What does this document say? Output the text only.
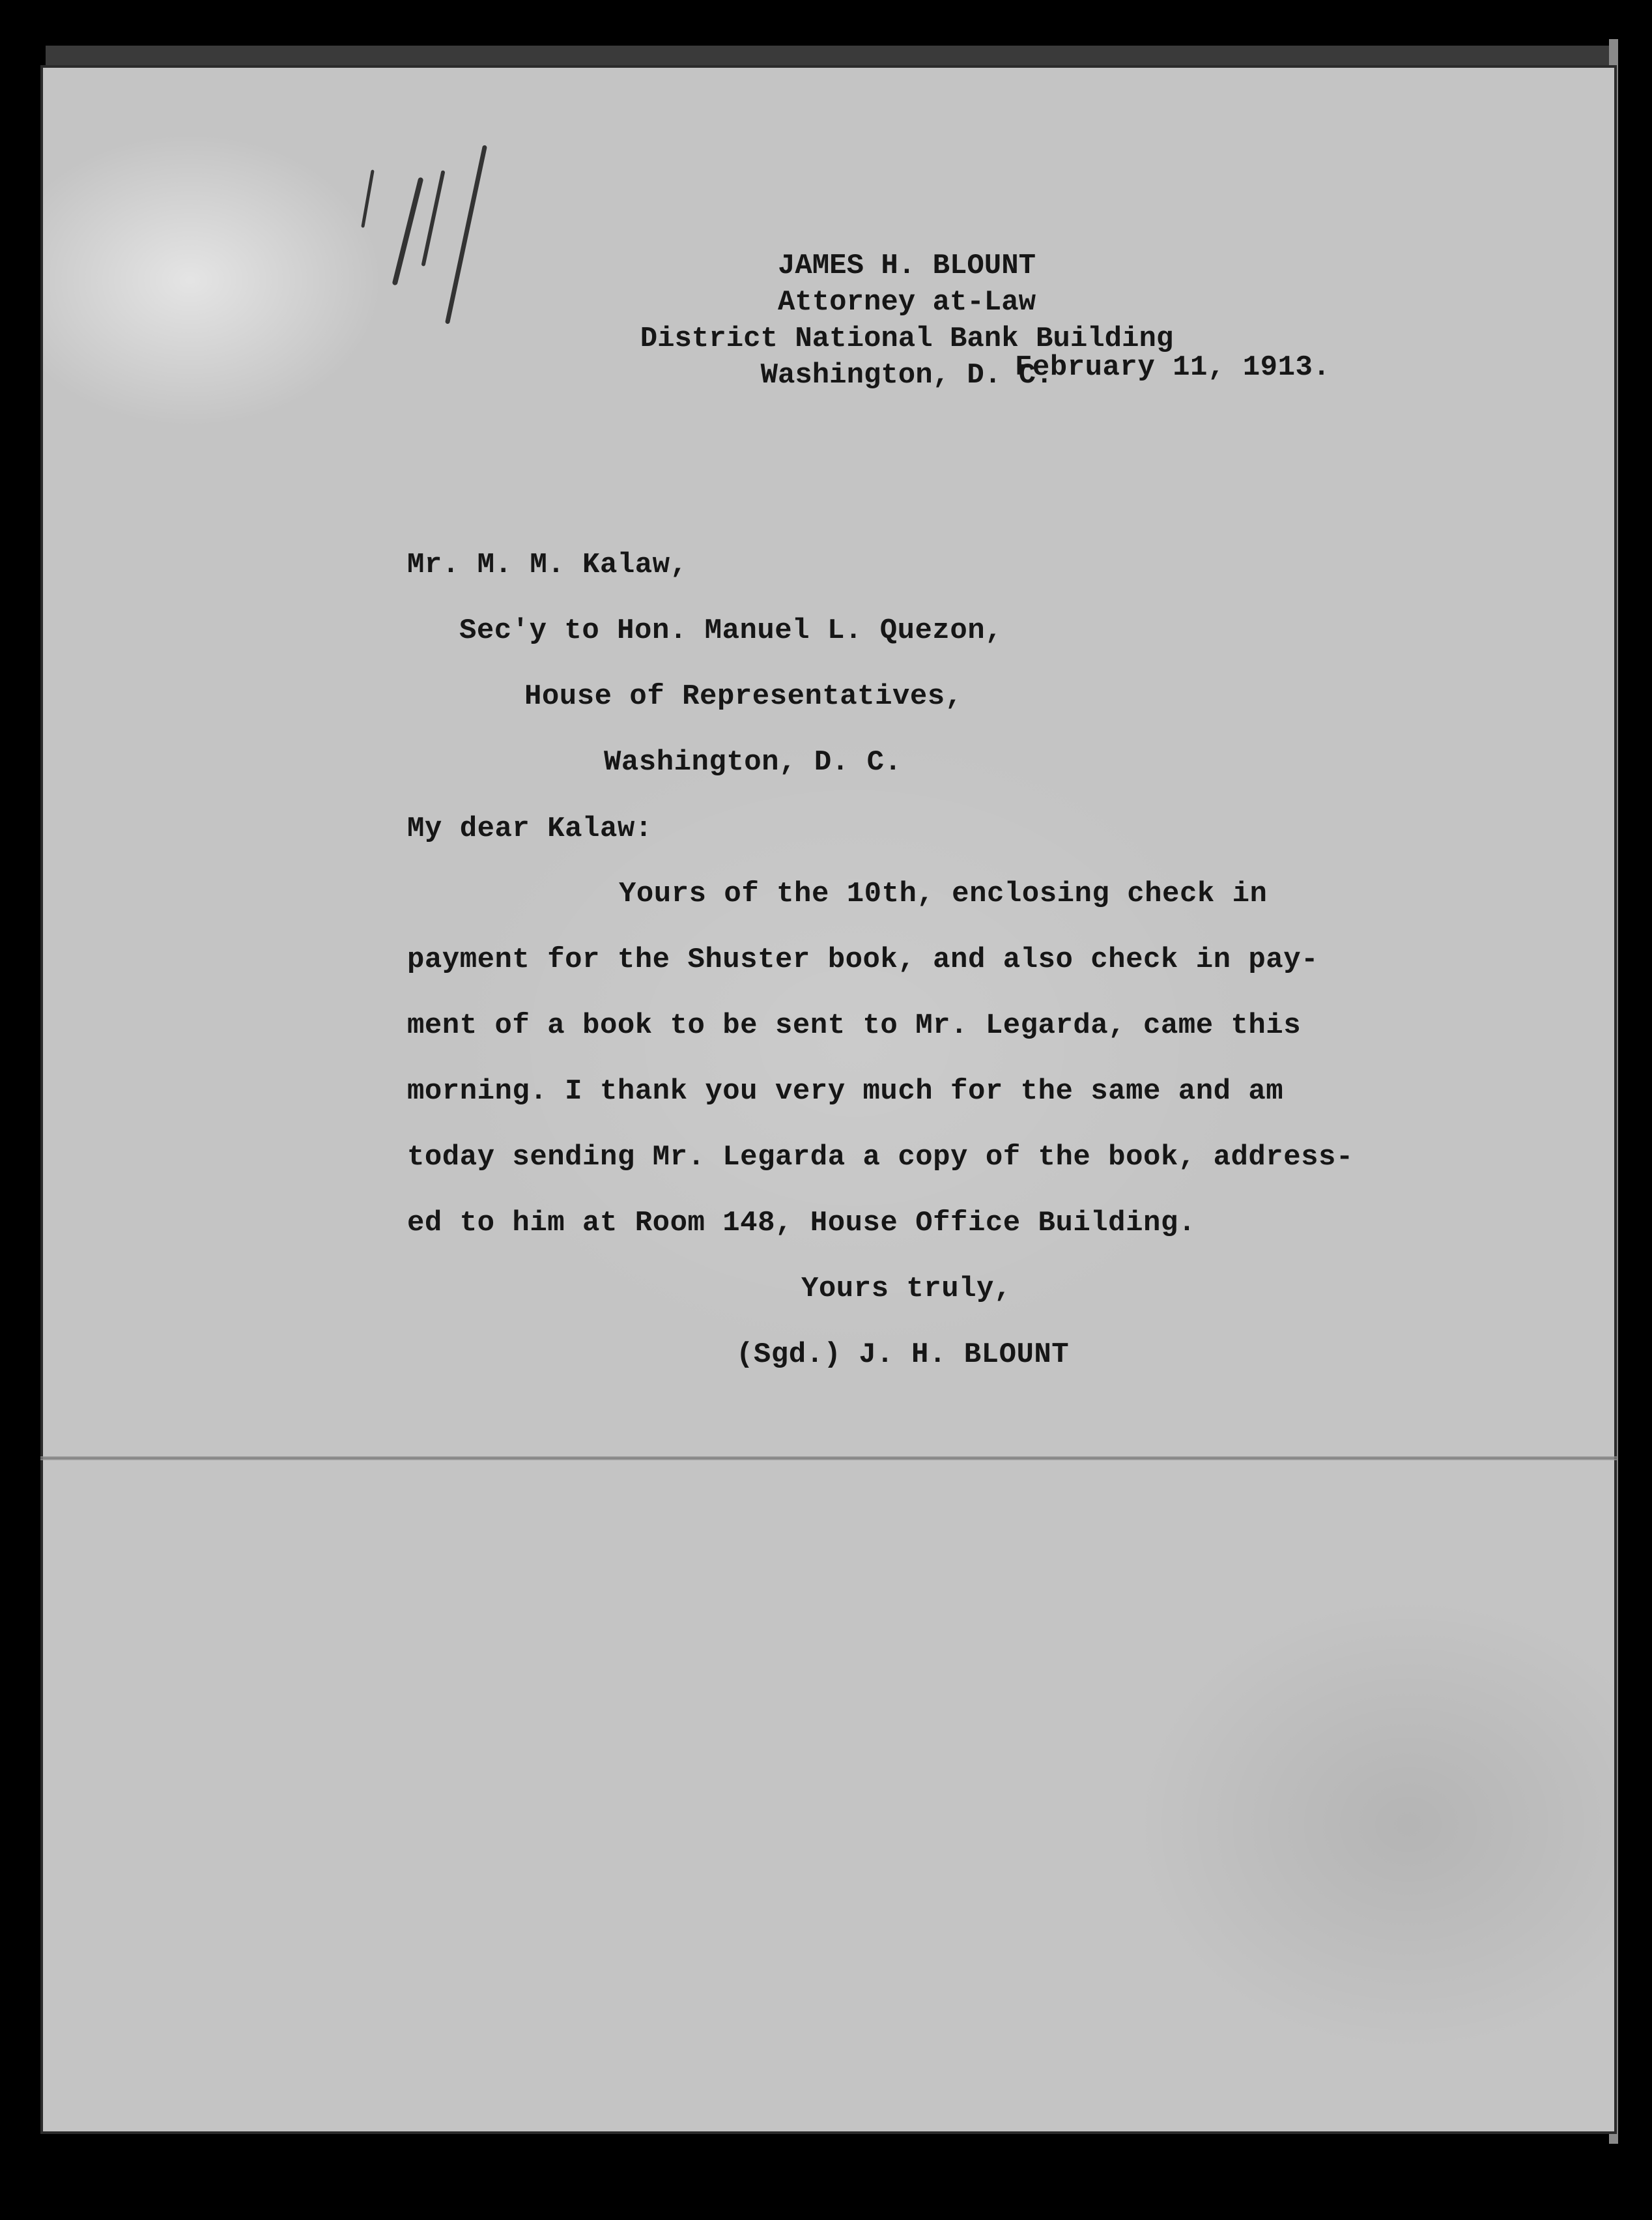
JAMES H. BLOUNT
Attorney at-Law
District National Bank Building
Washington, D. C.
February 11, 1913.
Mr. M. M. Kalaw,
Sec'y to Hon. Manuel L. Quezon,
House of Representatives,
Washington, D. C.
My dear Kalaw:
Yours of the 10th, enclosing check in
payment for the Shuster book, and also check in pay-
ment of a book to be sent to Mr. Legarda, came this
morning. I thank you very much for the same and am
today sending Mr. Legarda a copy of the book, address-
ed to him at Room 148, House Office Building.
Yours truly,
(Sgd.) J. H. BLOUNT
